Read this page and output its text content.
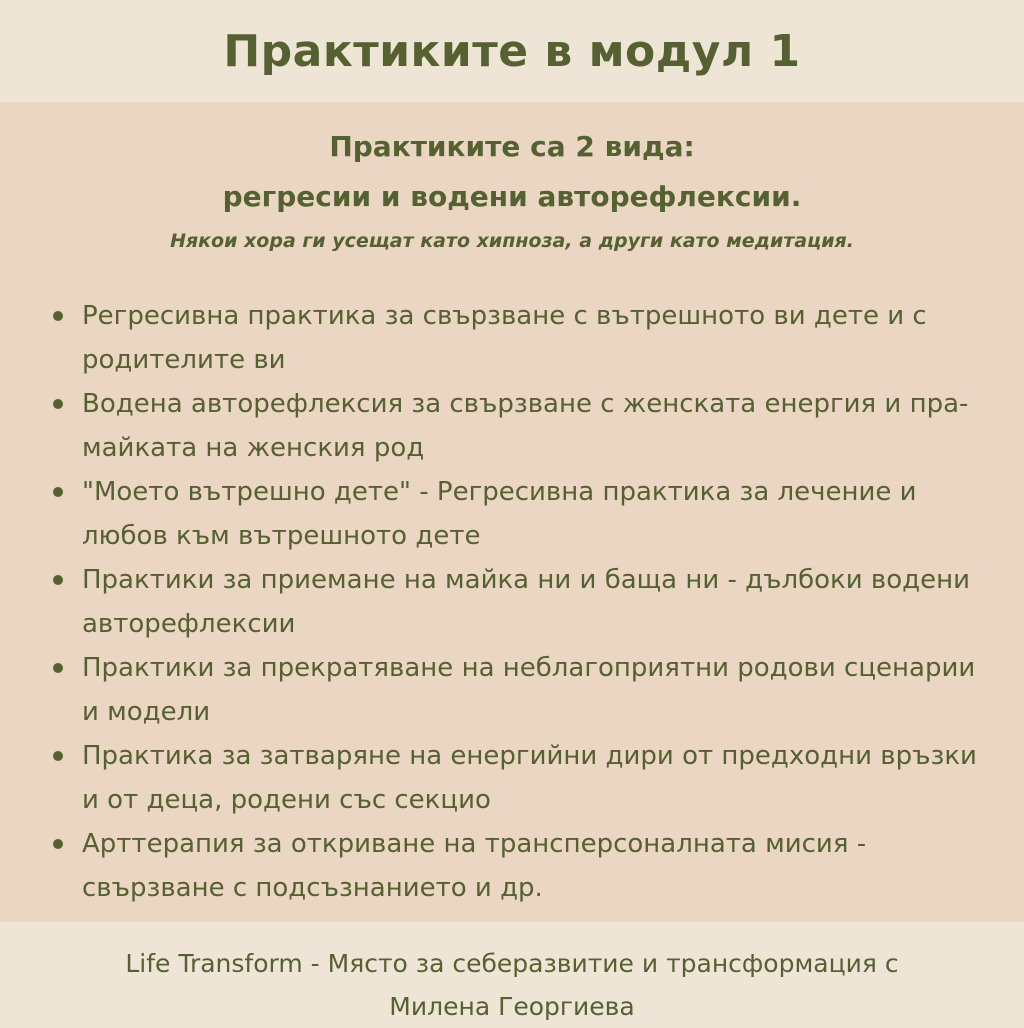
Практиките в модул 1
Практиките са 2 вида:
регресии и водени авторефлексии.
Някои хора ги усещат като хипноза, а други като медитация.
Регресивна практика за свързване с вътрешното ви дете и с родителите ви
Водена авторефлексия за свързване с женската енергия и пра-майката на женския род
"Моето вътрешно дете" - Регресивна практика за лечение и любов към вътрешното дете
Практики за приемане на майка ни и баща ни - дълбоки водени авторефлексии
Практики за прекратяване на неблагоприятни родови сценарии и модели
Практика за затваряне на енергийни дири от предходни връзки и от деца, родени със секцио
Арттерапия за откриване на трансперсоналната мисия - свързване с подсъзнанието и др.
Life Transform - Място за себеразвитие и трансформация с
Милена Георгиева
